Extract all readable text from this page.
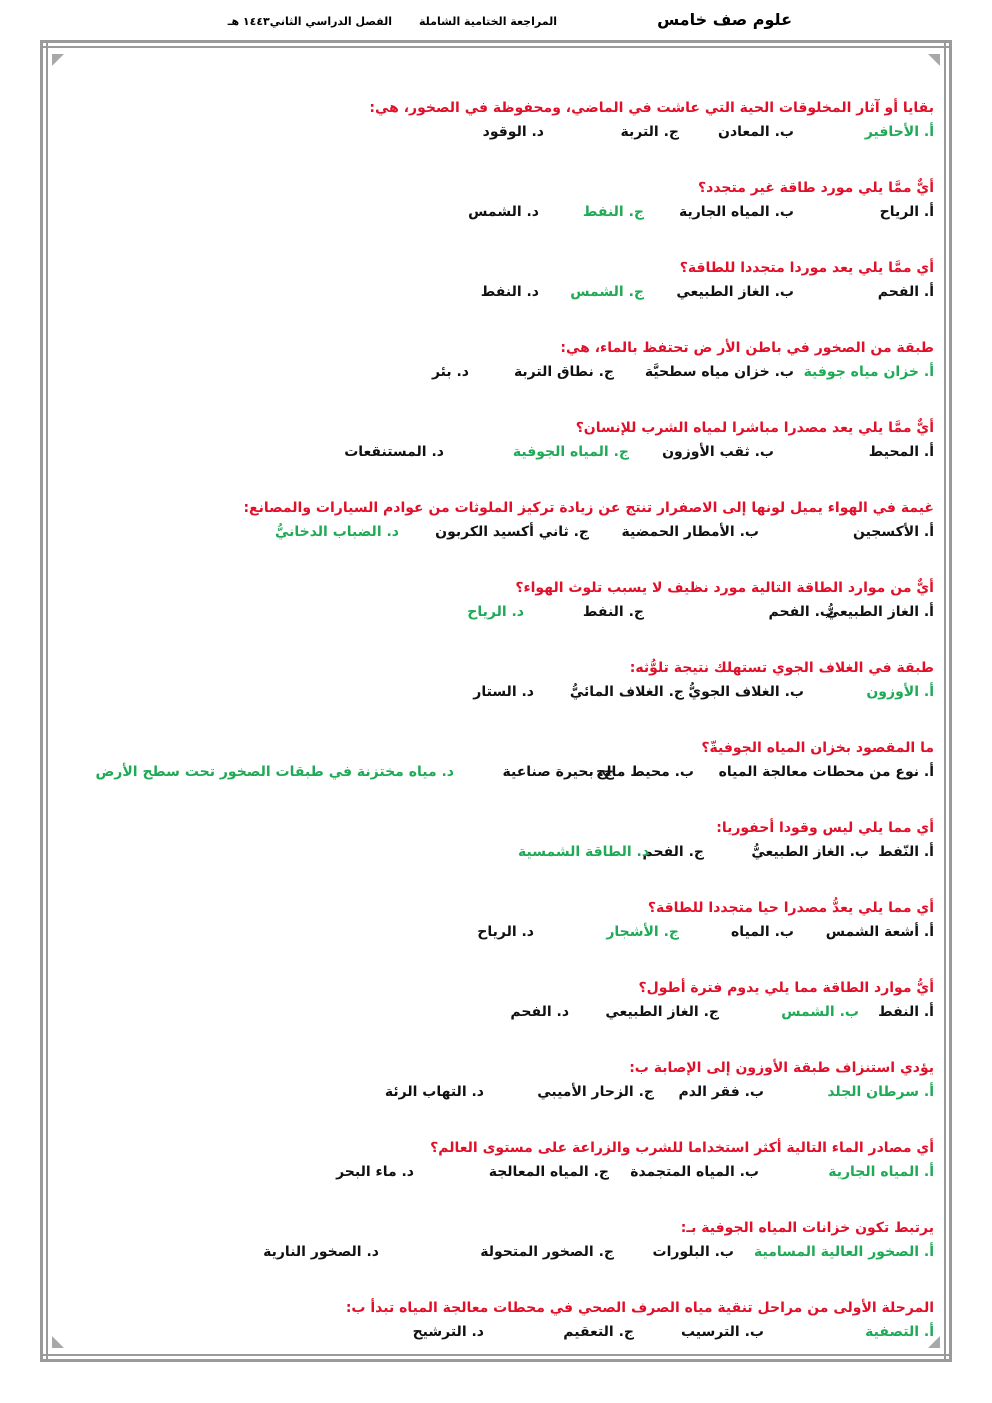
علوم صف خامس
المراجعة الختامية الشاملة
الفصل الدراسي الثاني١٤٤٣ هـ
بقايا أو آثار المخلوقات الحية التي عاشت في الماضي، ومحفوظة في الصخور، هي:
أ. الأحافير
ب. المعادن
ج. التربة
د. الوقود
أيٌّ ممَّا يلي مورد طاقة غير متجدد؟
أ. الرياح
ب. المياه الجارية
ج. النفط
د. الشمس
أي ممَّا يلي يعد موردا متجددا للطاقة؟
أ. الفحم
ب. الغاز الطبيعي
ج. الشمس
د. النفط
طبقة من الصخور في باطن الأر ض تحتفظ بالماء، هي:
أ. خزان مياه جوفية
ب. خزان مياه سطحيَّة
ج. نطاق التربة
د. بئر
أيٌّ ممَّا يلي يعد مصدرا مباشرا لمياه الشرب للإنسان؟
أ. المحيط
ب. ثقب الأوزون
ج. المياه الجوفية
د. المستنقعات
غيمة في الهواء يميل لونها إلى الاصفرار تنتج عن زيادة تركيز الملوثات من عوادم السيارات والمصانع:
أ. الأكسجين
ب. الأمطار الحمضية
ج. ثاني أكسيد الكربون
د. الضباب الدخانيُّ
أيٌّ من موارد الطاقة التالية مورد نظيف لا يسبب تلوث الهواء؟
أ. الغاز الطبيعيُّ
ب. الفحم
ج. النفط
د. الرياح
طبقة في الغلاف الجوي تستهلك نتيجة تلوُّثه:
أ. الأوزون
ب. الغلاف الجويُّ
ج. الغلاف المائيُّ
د. الستار
ما المقصود بخزان المياه الجوفيةّ؟
أ. نوع من محطات معالجة المياه
ب. محيط مالح
ج. بحيرة صناعية
د. مياه مختزنة في طبقات الصخور تحت سطح الأرض
أي مما يلي ليس وقودا أحفوريا:
أ. النّفط
ب. الغاز الطبيعيُّ
ج. الفحم
د. الطاقة الشمسية
أي مما يلي يعدُّ مصدرا حيا متجددا للطاقة؟
أ. أشعة الشمس
ب. المياه
ج. الأشجار
د. الرياح
أيُّ موارد الطاقة مما يلي يدوم فترة أطول؟
أ. النفط
ب. الشمس
ج. الغاز الطبيعي
د. الفحم
يؤدي استنزاف طبقة الأوزون إلى الإصابة ب:
أ. سرطان الجلد
ب. فقر الدم
ج. الزحار الأميبي
د. التهاب الرئة
أي مصادر الماء التالية أكثر استخداما للشرب والزراعة على مستوى العالم؟
أ. المياه الجارية
ب. المياه المتجمدة
ج. المياه المعالجة
د. ماء البحر
يرتبط تكون خزانات المياه الجوفية بـ:
أ. الصخور العالية المسامية
ب. البلورات
ج. الصخور المتحولة
د. الصخور النارية
المرحلة الأولى من مراحل تنقية مياه الصرف الصحي في محطات معالجة المياه تبدأ ب:
أ. التصفية
ب. الترسيب
ج. التعقيم
د. الترشيح
